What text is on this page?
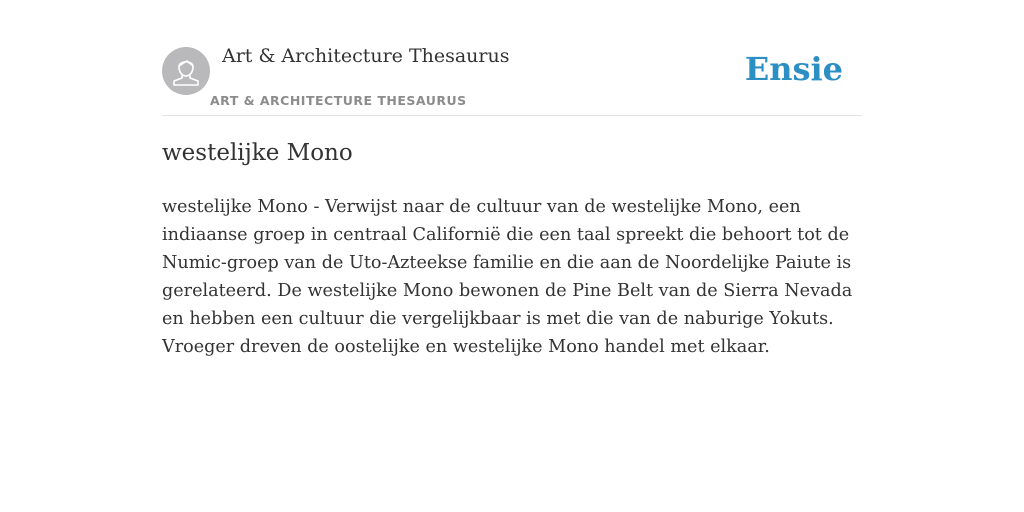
Art & Architecture Thesaurus
ART & ARCHITECTURE THESAURUS
Ensie
westelijke Mono

westelijke Mono - Verwijst naar de cultuur van de westelijke Mono, een indiaanse groep in centraal Californië die een taal spreekt die behoort tot de Numic-groep van de Uto-Azteekse familie en die aan de Noordelijke Paiute is gerelateerd. De westelijke Mono bewonen de Pine Belt van de Sierra Nevada en hebben een cultuur die vergelijkbaar is met die van de naburige Yokuts. Vroeger dreven de oostelijke en westelijke Mono handel met elkaar.
